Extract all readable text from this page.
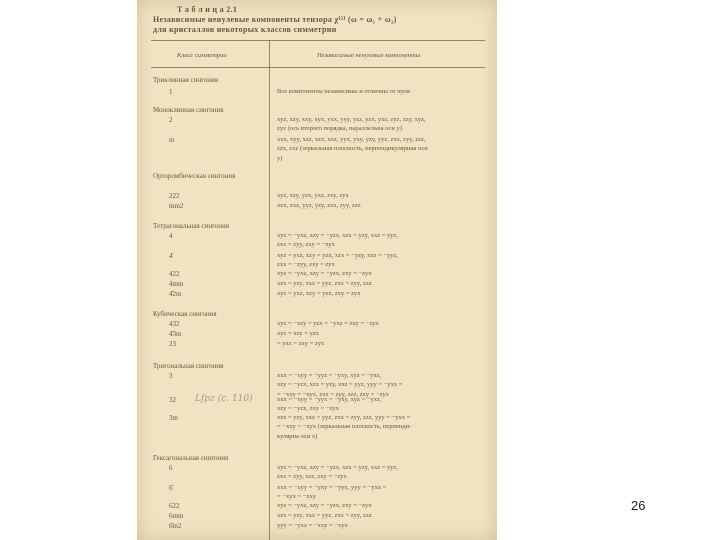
Т а б л и ц а 2.1
Независимые ненулевые компоненты тензора χ⁽²⁾ (ω = ω₁ + ω₂)
для кристаллов некоторых классов симметрии
Класс симметрии	Независимые ненулевые компоненты
Триклинная сингония
1	Все компоненты независимы и отличны от нуля
Моноклинная сингония
2	xyz, xzy, xxy, xyx, yxx, yyy, yzz, yzx, yxz, zyz, zzy, xyz,
zyz (ось второго порядка, параллельна оси y)
m	xxx, xyy, xzz, xzx, xxz, yyx, yxy, yzy, yyz, zxx, zyy, zzz,
zzx, zxz (зеркальная плоскость, перпендикулярная оси
y)
Орторомбическая сингония
222	xyz, xzy, yzx, yxz, zxy, zyx
mm2	xzx, xxz, yyz, yzy, zxx, zyy, zzz
Тетрагональная сингония
4	xyz = −yxz, xzy = −yzx, xzx = yzy, xxz = yyz,
zxx = zyy, zxy = −zyx
4̄	xyz = yxz, xzy = yzx, xzx = −yzy, xxz = −yyz,
zxx = −zyy, zxy = zyx
422	xyz = −yxz, xzy = −yzx, zxy = −zyx
4mm	xzx = yzy, xxz = yyz, zxx = zyy, zzz
4̄2m	xyz = yxz, xzy = yzx, zxy = zyx
Кубическая сингония
432	xyz = −xzy = yzx = −yxz = zxy = −zyx
4̄3m	xyz = xzy = yzx
23	= yxz = zxy = zyx
Тригональная сингония
3	xxx = −xyy = −yyz = −yxy, xyz = −yxz,
xzy = −yzx, xzx = yzy, xxz = yyz, yyy = −yxx =
= −xxy = −xyx, zxx = zyy, zzz, zxy = −zyx
32	xxx = −xyy = −yyx = −yxy, xyz = −yxz,
xzy = −yzx, zxy = −zyx
3m	xzx = yzy, xxz = yyz, zxx = zyy, zzz, yyy = −yxx =
= −xxy = −xyx (зеркальная плоскость, перпенди-
кулярна оси x)
Гексагональная сингония
6	xyz = −yxz, xzy = −yzx, xzx = yzy, xxz = yyz,
zxx = zyy, zzz, zxy = −zyx
6̄	xxx = −xyy = −yxy = −yyx, yyy = −yxx =
= −xyx = −xxy
622	xyz = −yxz, xzy = −yzx, zxy = −zyx
6mm	xzx = yzy, xxz = yyz, zxx = zyy, zzz
6̄m2	yyy = −yxx = −xxy = −xyx
Lfpz (c. 110)
26
